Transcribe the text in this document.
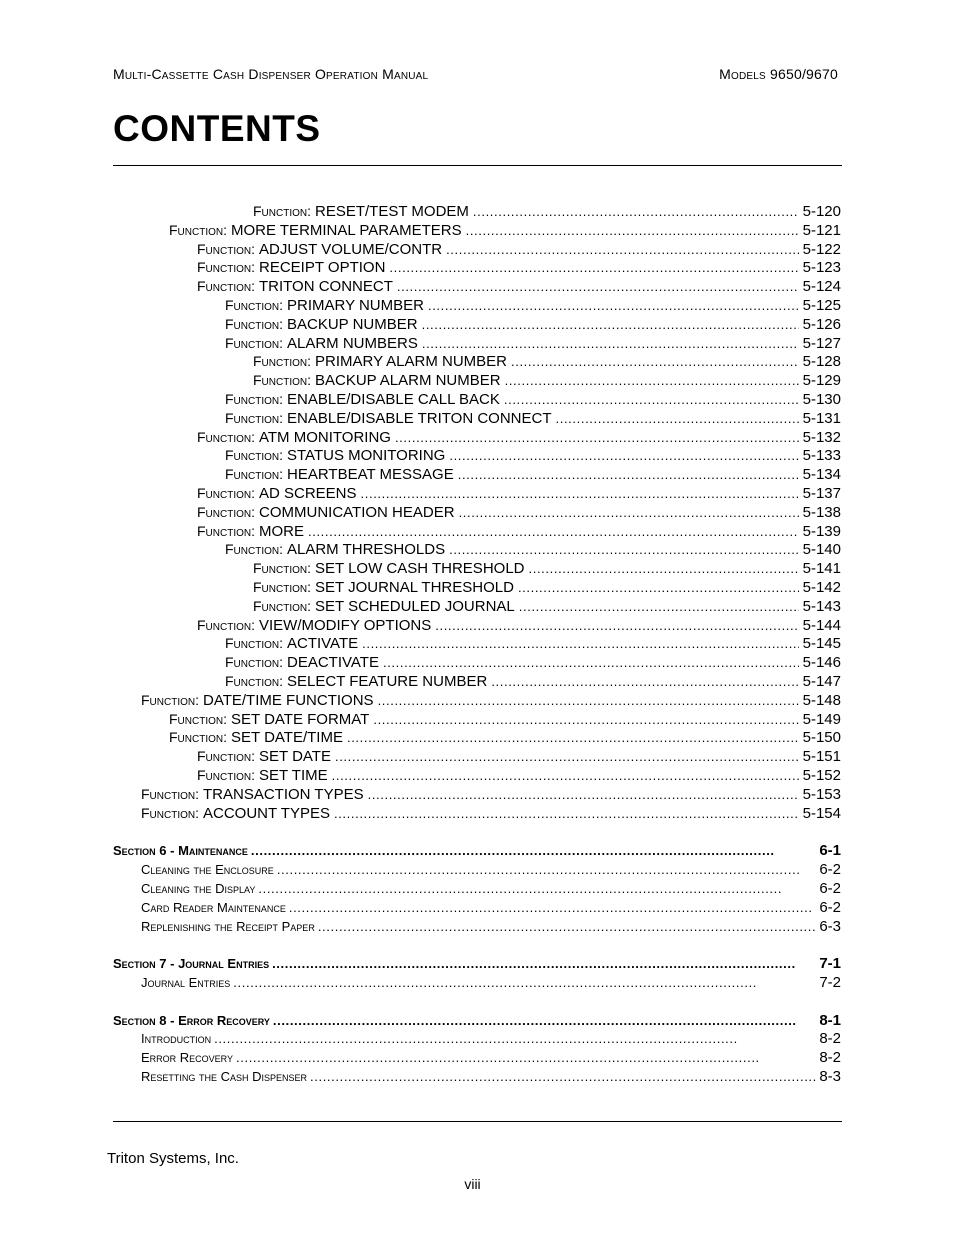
Multi-Cassette Cash Dispenser Operation Manual	Models 9650/9670
CONTENTS
Function: RESET/TEST MODEM . . .	5-120
Function: MORE TERMINAL PARAMETERS . . .	5-121
Function: ADJUST VOLUME/CONTR . . .	5-122
Function: RECEIPT OPTION . . .	5-123
Function: TRITON CONNECT . . .	5-124
Function: PRIMARY NUMBER . . .	5-125
Function: BACKUP NUMBER . . .	5-126
Function: ALARM NUMBERS . . .	5-127
Function: PRIMARY ALARM NUMBER . . .	5-128
Function: BACKUP ALARM NUMBER . . .	5-129
Function: ENABLE/DISABLE CALL BACK . . .	5-130
Function: ENABLE/DISABLE TRITON CONNECT . . .	5-131
Function: ATM MONITORING . . .	5-132
Function: STATUS MONITORING . . .	5-133
Function: HEARTBEAT MESSAGE . . .	5-134
Function: AD SCREENS . . .	5-137
Function: COMMUNICATION HEADER . . .	5-138
Function: MORE . . .	5-139
Function: ALARM THRESHOLDS . . .	5-140
Function: SET LOW CASH THRESHOLD . . .	5-141
Function: SET JOURNAL THRESHOLD . . .	5-142
Function: SET SCHEDULED JOURNAL . . .	5-143
Function: VIEW/MODIFY OPTIONS . . .	5-144
Function: ACTIVATE . . .	5-145
Function: DEACTIVATE . . .	5-146
Function: SELECT FEATURE NUMBER . . .	5-147
Function: DATE/TIME FUNCTIONS . . .	5-148
Function: SET DATE FORMAT . . .	5-149
Function: SET DATE/TIME . . .	5-150
Function: SET DATE . . .	5-151
Function: SET TIME . . .	5-152
Function: TRANSACTION TYPES . . .	5-153
Function: ACCOUNT TYPES . . .	5-154
Section 6 - Maintenance . . .	6-1
Cleaning the Enclosure . . .	6-2
Cleaning the Display . . .	6-2
Card Reader Maintenance . . .	6-2
Replenishing the Receipt Paper . . .	6-3
Section 7 - Journal Entries . . .	7-1
Journal Entries . . .	7-2
Section 8 - Error Recovery . . .	8-1
Introduction . . .	8-2
Error Recovery . . .	8-2
Resetting the Cash Dispenser . . .	8-3
Triton Systems, Inc.
viii
